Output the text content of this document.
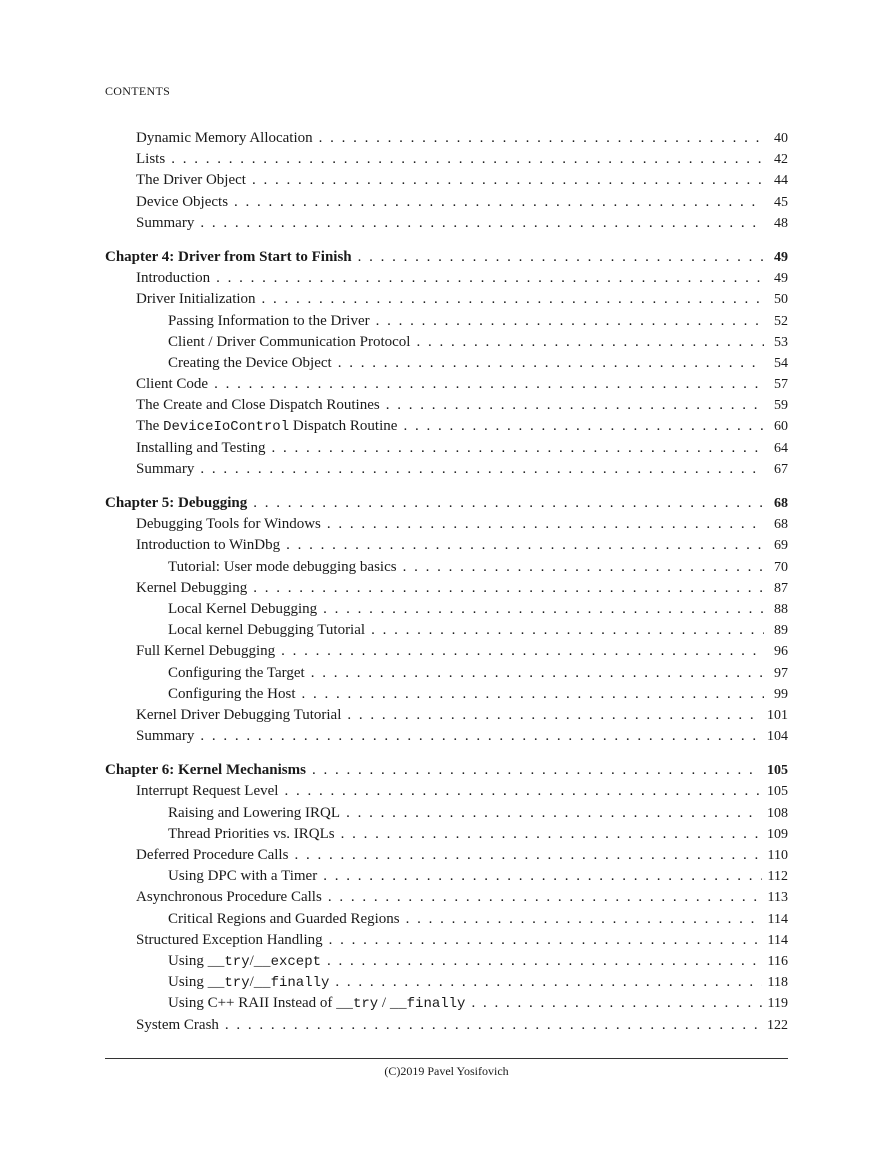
CONTENTS
Dynamic Memory Allocation . . .	40
Lists . . .	42
The Driver Object . . .	44
Device Objects . . .	45
Summary . . .	48
Chapter 4: Driver from Start to Finish . . .	49
Introduction . . .	49
Driver Initialization . . .	50
Passing Information to the Driver . . .	52
Client / Driver Communication Protocol . . .	53
Creating the Device Object . . .	54
Client Code . . .	57
The Create and Close Dispatch Routines . . .	59
The DeviceIoControl Dispatch Routine . . .	60
Installing and Testing . . .	64
Summary . . .	67
Chapter 5: Debugging . . .	68
Debugging Tools for Windows . . .	68
Introduction to WinDbg . . .	69
Tutorial: User mode debugging basics . . .	70
Kernel Debugging . . .	87
Local Kernel Debugging . . .	88
Local kernel Debugging Tutorial . . .	89
Full Kernel Debugging . . .	96
Configuring the Target . . .	97
Configuring the Host . . .	99
Kernel Driver Debugging Tutorial . . .	101
Summary . . .	104
Chapter 6: Kernel Mechanisms . . .	105
Interrupt Request Level . . .	105
Raising and Lowering IRQL . . .	108
Thread Priorities vs. IRQLs . . .	109
Deferred Procedure Calls . . .	110
Using DPC with a Timer . . .	112
Asynchronous Procedure Calls . . .	113
Critical Regions and Guarded Regions . . .	114
Structured Exception Handling . . .	114
Using __try/__except . . .	116
Using __try/__finally . . .	118
Using C++ RAII Instead of __try / __finally . . .	119
System Crash . . .	122
(C)2019 Pavel Yosifovich
